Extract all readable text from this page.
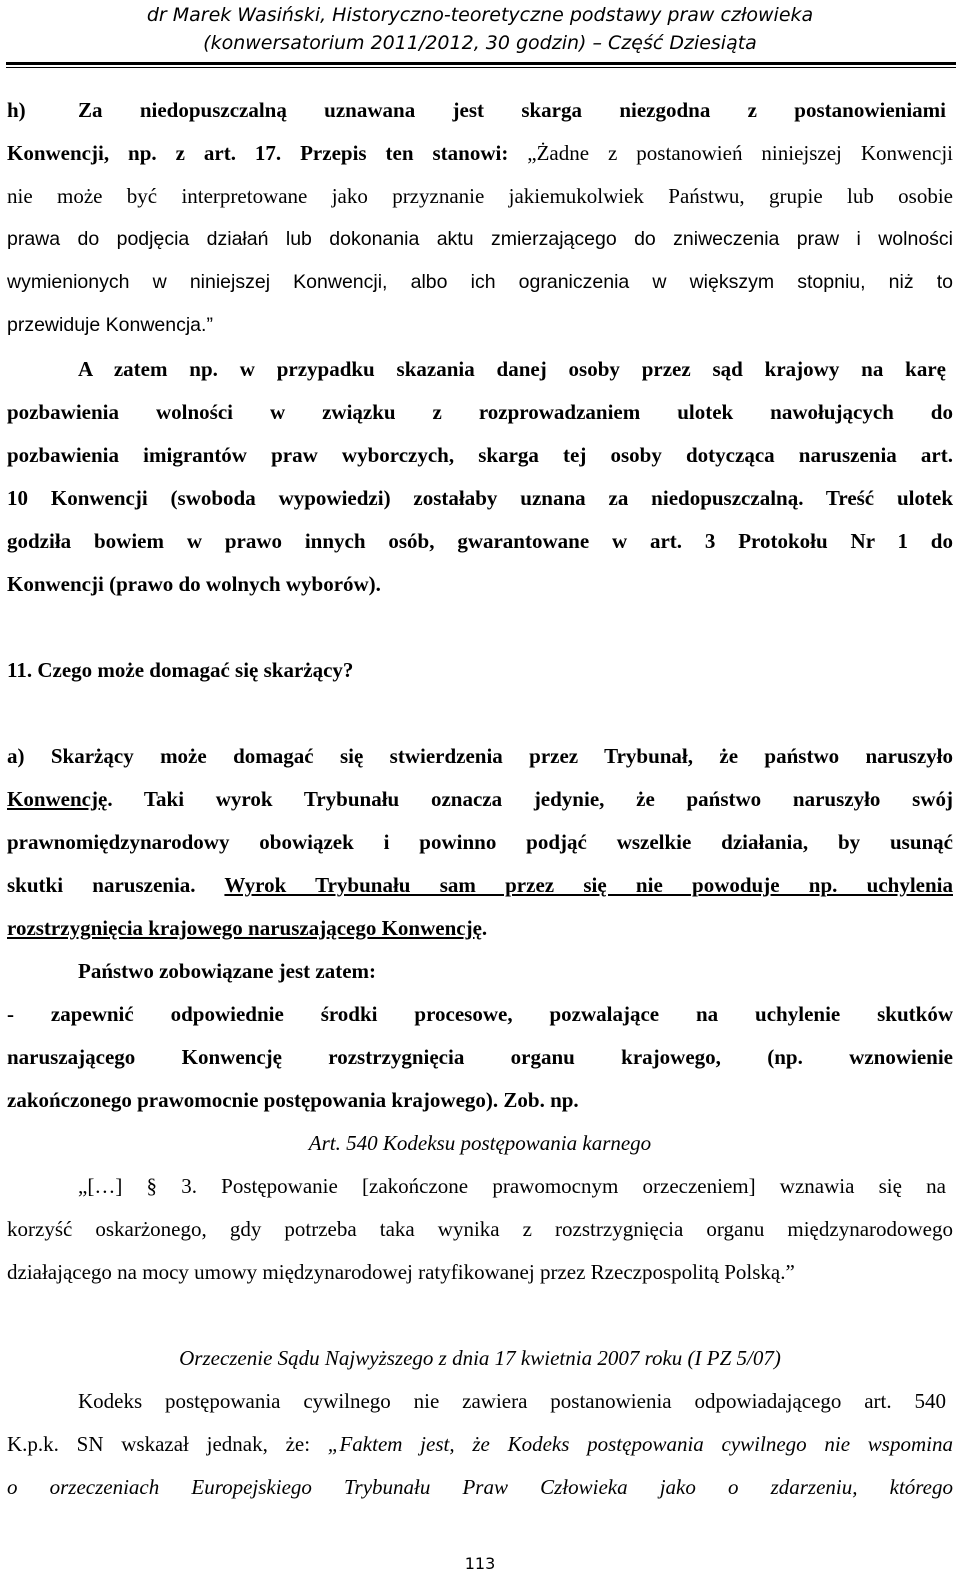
dr Marek Wasiński, Historyczno-teoretyczne podstawy praw człowieka
(konwersatorium 2011/2012, 30 godzin) – Część Dziesiąta
h) Za niedopuszczalną uznawana jest skarga niezgodna z postanowieniami
Konwencji, np. z art. 17. Przepis ten stanowi: „Żadne z postanowień niniejszej Konwencji
nie może być interpretowane jako przyznanie jakiemukolwiek Państwu, grupie lub osobie
prawa do podjęcia działań lub dokonania aktu zmierzającego do zniweczenia praw i wolności
wymienionych w niniejszej Konwencji, albo ich ograniczenia w większym stopniu, niż to
przewiduje Konwencja.”
A zatem np. w przypadku skazania danej osoby przez sąd krajowy na karę
pozbawienia wolności w związku z rozprowadzaniem ulotek nawołujących do
pozbawienia imigrantów praw wyborczych, skarga tej osoby dotycząca naruszenia art.
10 Konwencji (swoboda wypowiedzi) zostałaby uznana za niedopuszczalną. Treść ulotek
godziła bowiem w prawo innych osób, gwarantowane w art. 3 Protokołu Nr 1 do
Konwencji (prawo do wolnych wyborów).
11. Czego może domagać się skarżący?
a) Skarżący może domagać się stwierdzenia przez Trybunał, że państwo naruszyło
Konwencję. Taki wyrok Trybunału oznacza jedynie, że państwo naruszyło swój
prawnomiędzynarodowy obowiązek i powinno podjąć wszelkie działania, by usunąć
skutki naruszenia. Wyrok Trybunału sam przez się nie powoduje np. uchylenia
rozstrzygnięcia krajowego naruszającego Konwencję.
Państwo zobowiązane jest zatem:
- zapewnić odpowiednie środki procesowe, pozwalające na uchylenie skutków
naruszającego Konwencję rozstrzygnięcia organu krajowego, (np. wznowienie
zakończonego prawomocnie postępowania krajowego). Zob. np.
Art. 540 Kodeksu postępowania karnego
„[…] § 3. Postępowanie [zakończone prawomocnym orzeczeniem] wznawia się na
korzyść oskarżonego, gdy potrzeba taka wynika z rozstrzygnięcia organu międzynarodowego
działającego na mocy umowy międzynarodowej ratyfikowanej przez Rzeczpospolitą Polską.”
Orzeczenie Sądu Najwyższego z dnia 17 kwietnia 2007 roku (I PZ 5/07)
Kodeks postępowania cywilnego nie zawiera postanowienia odpowiadającego art. 540
K.p.k. SN wskazał jednak, że: „Faktem jest, że Kodeks postępowania cywilnego nie wspomina
o orzeczeniach Europejskiego Trybunału Praw Człowieka jako o zdarzeniu, którego
113
